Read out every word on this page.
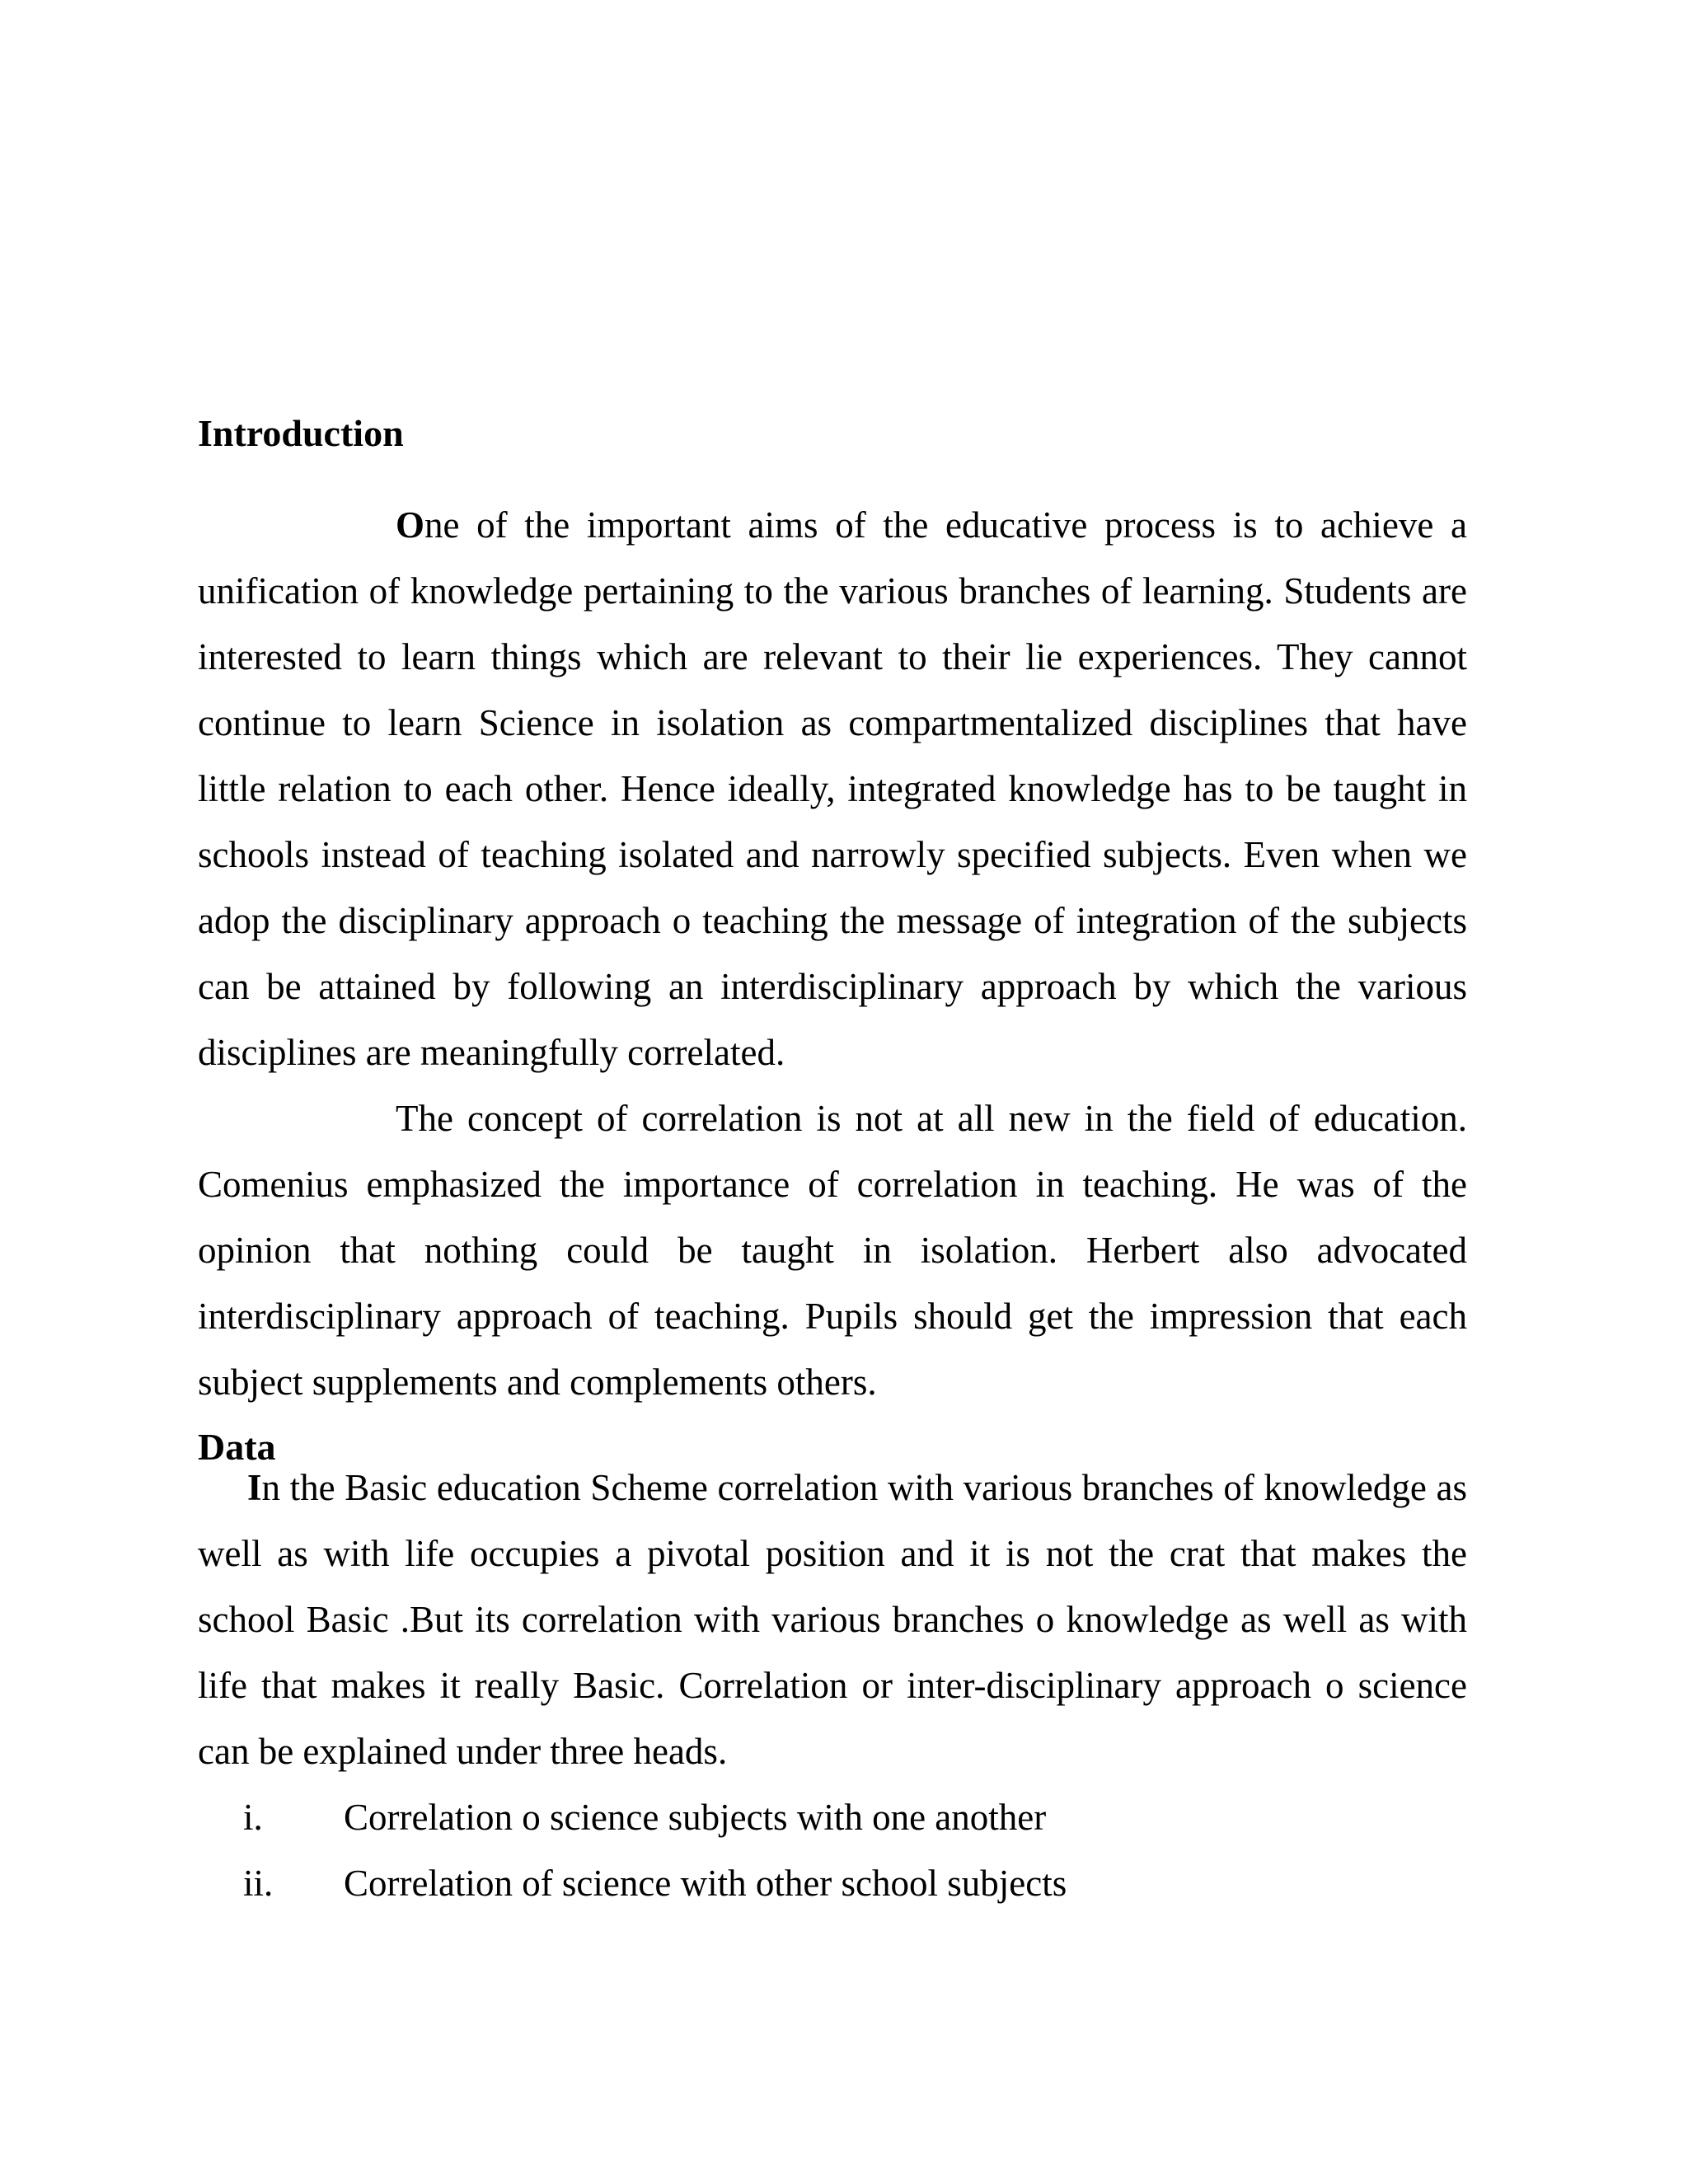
Introduction

One of the important aims of the educative process is to achieve a unification of knowledge pertaining to the various branches of learning. Students are interested to learn things which are relevant to their lie experiences. They cannot continue to learn Science in isolation as compartmentalized disciplines that have little relation to each other. Hence ideally, integrated knowledge has to be taught in schools instead of teaching isolated and narrowly specified subjects. Even when we adop the disciplinary approach o teaching the message of integration of the subjects can be attained by following an interdisciplinary approach by which the various disciplines are meaningfully correlated.

The concept of correlation is not at all new in the field of education. Comenius emphasized the importance of correlation in teaching. He was of the opinion that nothing could be taught in isolation. Herbert also advocated interdisciplinary approach of teaching. Pupils should get the impression that each subject supplements and complements others.

Data

In the Basic education Scheme correlation with various branches of knowledge as well as with life occupies a pivotal position and it is not the crat that makes the school Basic .But its correlation with various branches o knowledge as well as with life that makes it really Basic. Correlation or inter-disciplinary approach o science can be explained under three heads.

i. Correlation o science subjects with one another
ii. Correlation of science with other school subjects
